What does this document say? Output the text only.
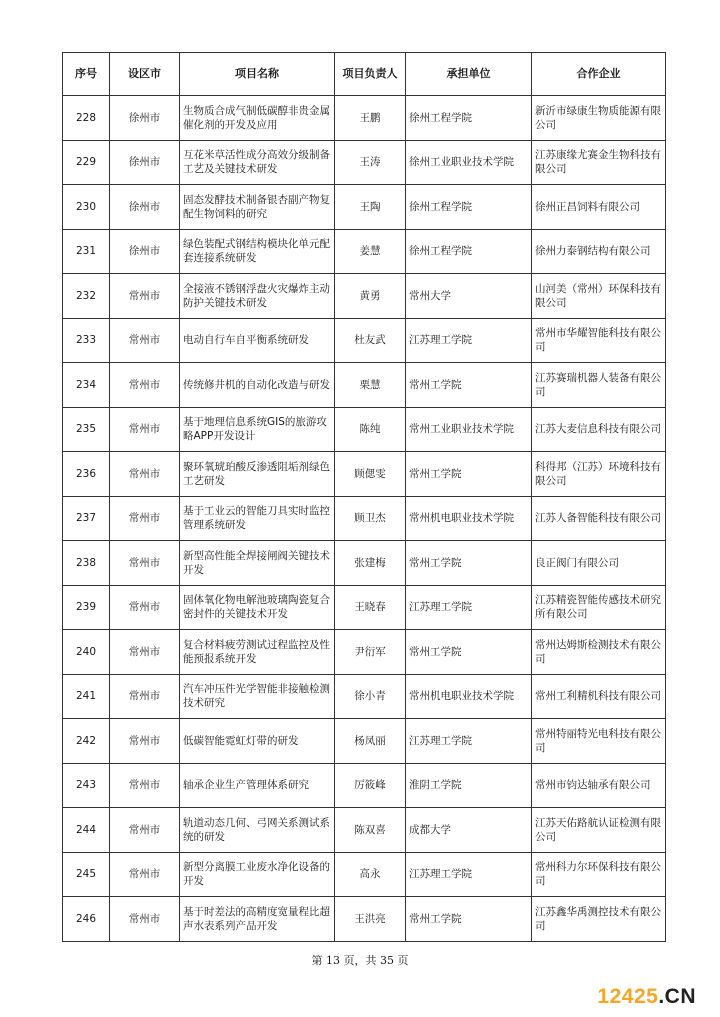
序号	设区市	项目名称	项目负责人	承担单位	合作企业
228	徐州市	生物质合成气制低碳醇非贵金属催化剂的开发及应用	王鹏	徐州工程学院	新沂市绿康生物质能源有限公司
229	徐州市	互花米草活性成分高效分级制备工艺及关键技术研发	王涛	徐州工业职业技术学院	江苏康缘尤赛金生物科技有限公司
230	徐州市	固态发酵技术制备银杏副产物复配生物饲料的研究	王陶	徐州工程学院	徐州正昌饲料有限公司
231	徐州市	绿色装配式钢结构模块化单元配套连接系统研发	姜慧	徐州工程学院	徐州力泰钢结构有限公司
232	常州市	全接液不锈钢浮盘火灾爆炸主动防护关键技术研发	黄勇	常州大学	山河美（常州）环保科技有限公司
233	常州市	电动自行车自平衡系统研发	杜友武	江苏理工学院	常州市华耀智能科技有限公司
234	常州市	传统修井机的自动化改造与研发	栗慧	常州工学院	江苏赛瑞机器人装备有限公司
235	常州市	基于地理信息系统GIS的旅游攻略APP开发设计	陈纯	常州工业职业技术学院	江苏大麦信息科技有限公司
236	常州市	聚环氧琥珀酸反渗透阻垢剂绿色工艺研发	顾偲雯	常州工学院	科得邦（江苏）环境科技有限公司
237	常州市	基于工业云的智能刀具实时监控管理系统研发	顾卫杰	常州机电职业技术学院	江苏人备智能科技有限公司
238	常州市	新型高性能全焊接闸阀关键技术开发	张建梅	常州工学院	良正阀门有限公司
239	常州市	固体氧化物电解池玻璃陶瓷复合密封件的关键技术开发	王晓春	江苏理工学院	江苏精瓷智能传感技术研究所有限公司
240	常州市	复合材料疲劳测试过程监控及性能预报系统开发	尹衍军	常州工学院	常州达姆斯检测技术有限公司
241	常州市	汽车冲压件光学智能非接触检测技术研究	徐小青	常州机电职业技术学院	常州工利精机科技有限公司
242	常州市	低碳智能霓虹灯带的研发	杨凤丽	江苏理工学院	常州特丽特光电科技有限公司
243	常州市	轴承企业生产管理体系研究	厉筱峰	淮阴工学院	常州市钧达轴承有限公司
244	常州市	轨道动态几何、弓网关系测试系统的研发	陈双喜	成都大学	江苏天佑路航认证检测有限公司
245	常州市	新型分离膜工业废水净化设备的开发	高永	江苏理工学院	常州科力尔环保科技有限公司
246	常州市	基于时差法的高精度宽量程比超声水表系列产品开发	王洪亮	常州工学院	江苏鑫华禹测控技术有限公司
第 13 页，共 35 页
12425.CN
